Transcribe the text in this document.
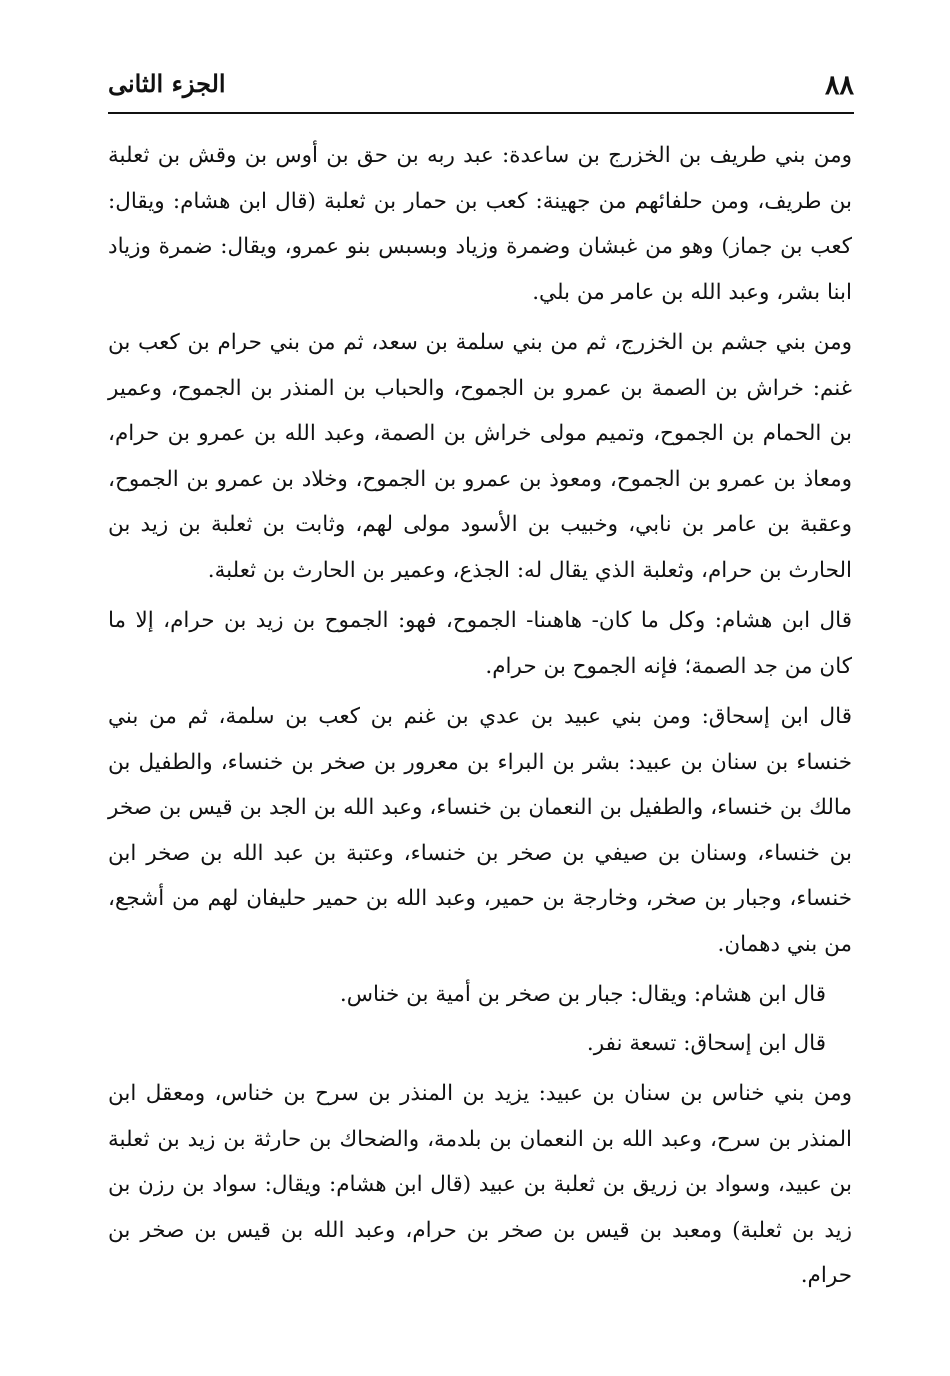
٨٨
الجزء الثانى

ومن بني طريف بن الخزرج بن ساعدة: عبد ربه بن حق بن أوس بن وقش بن ثعلبة بن طريف، ومن حلفائهم من جهينة: كعب بن حمار بن ثعلبة (قال ابن هشام: ويقال: كعب بن جماز) وهو من غبشان وضمرة وزياد وبسبس بنو عمرو، ويقال: ضمرة وزياد ابنا بشر، وعبد الله بن عامر من بلي.

ومن بني جشم بن الخزرج، ثم من بني سلمة بن سعد، ثم من بني حرام بن كعب بن غنم: خراش بن الصمة بن عمرو بن الجموح، والحباب بن المنذر بن الجموح، وعمير بن الحمام بن الجموح، وتميم مولى خراش بن الصمة، وعبد الله بن عمرو بن حرام، ومعاذ بن عمرو بن الجموح، ومعوذ بن عمرو بن الجموح، وخلاد بن عمرو بن الجموح، وعقبة بن عامر بن نابي، وخبيب بن الأسود مولى لهم، وثابت بن ثعلبة بن زيد بن الحارث بن حرام، وثعلبة الذي يقال له: الجذع، وعمير بن الحارث بن ثعلبة.

قال ابن هشام: وكل ما كان- هاهىنا- الجموح، فهو: الجموح بن زيد بن حرام، إلا ما كان من جد الصمة؛ فإنه الجموح بن حرام.

قال ابن إسحاق: ومن بني عبيد بن عدي بن غنم بن كعب بن سلمة، ثم من بني خنساء بن سنان بن عبيد: بشر بن البراء بن معرور بن صخر بن خنساء، والطفيل بن مالك بن خنساء، والطفيل بن النعمان بن خنساء، وعبد الله بن الجد بن قيس بن صخر بن خنساء، وسنان بن صيفي بن صخر بن خنساء، وعتبة بن عبد الله بن صخر ابن خنساء، وجبار بن صخر، وخارجة بن حمير، وعبد الله بن حمير حليفان لهم من أشجع، من بني دهمان.

قال ابن هشام: ويقال: جبار بن صخر بن أمية بن خناس.

قال ابن إسحاق: تسعة نفر.

ومن بني خناس بن سنان بن عبيد: يزيد بن المنذر بن سرح بن خناس، ومعقل ابن المنذر بن سرح، وعبد الله بن النعمان بن بلدمة، والضحاك بن حارثة بن زيد بن ثعلبة بن عبيد، وسواد بن زريق بن ثعلبة بن عبيد (قال ابن هشام: ويقال: سواد بن رزن بن زيد بن ثعلبة) ومعبد بن قيس بن صخر بن حرام، وعبد الله بن قيس بن صخر بن حرام.
